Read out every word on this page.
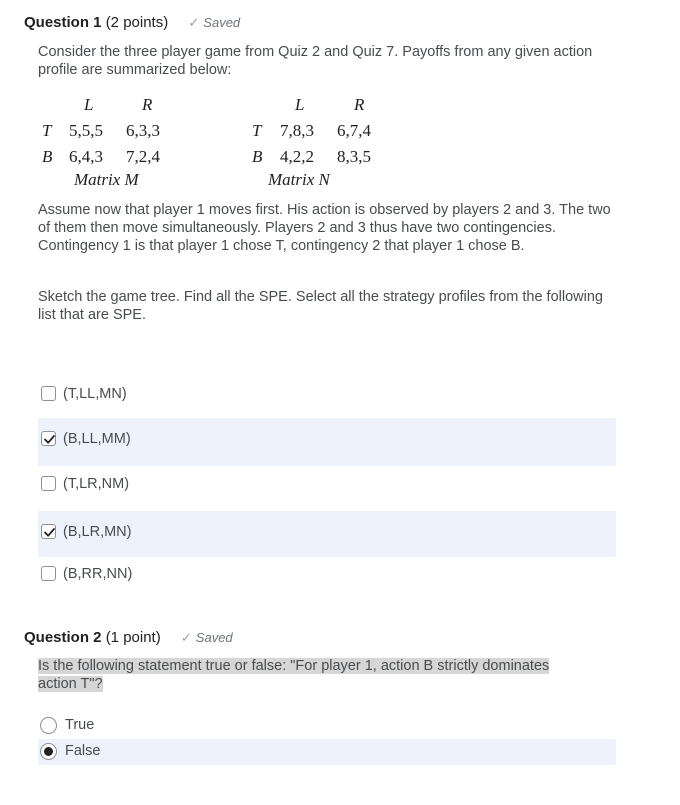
Question 1 (2 points) ✓ Saved
Consider the three player game from Quiz 2 and Quiz 7. Payoffs from any given action profile are summarized below:
L	R
T 5,5,5 6,3,3
B 6,4,3 7,2,4
Matrix M
L	R
T 7,8,3 6,7,4
B 4,2,2 8,3,5
Matrix N
Assume now that player 1 moves first. His action is observed by players 2 and 3. The two of them then move simultaneously. Players 2 and 3 thus have two contingencies. Contingency 1 is that player 1 chose T, contingency 2 that player 1 chose B.
Sketch the game tree. Find all the SPE. Select all the strategy profiles from the following list that are SPE.
(T,LL,MN)
(B,LL,MM)
(T,LR,NM)
(B,LR,MN)
(B,RR,NN)
Question 2 (1 point) ✓ Saved
Is the following statement true or false: "For player 1, action B strictly dominates action T"?
True
False
